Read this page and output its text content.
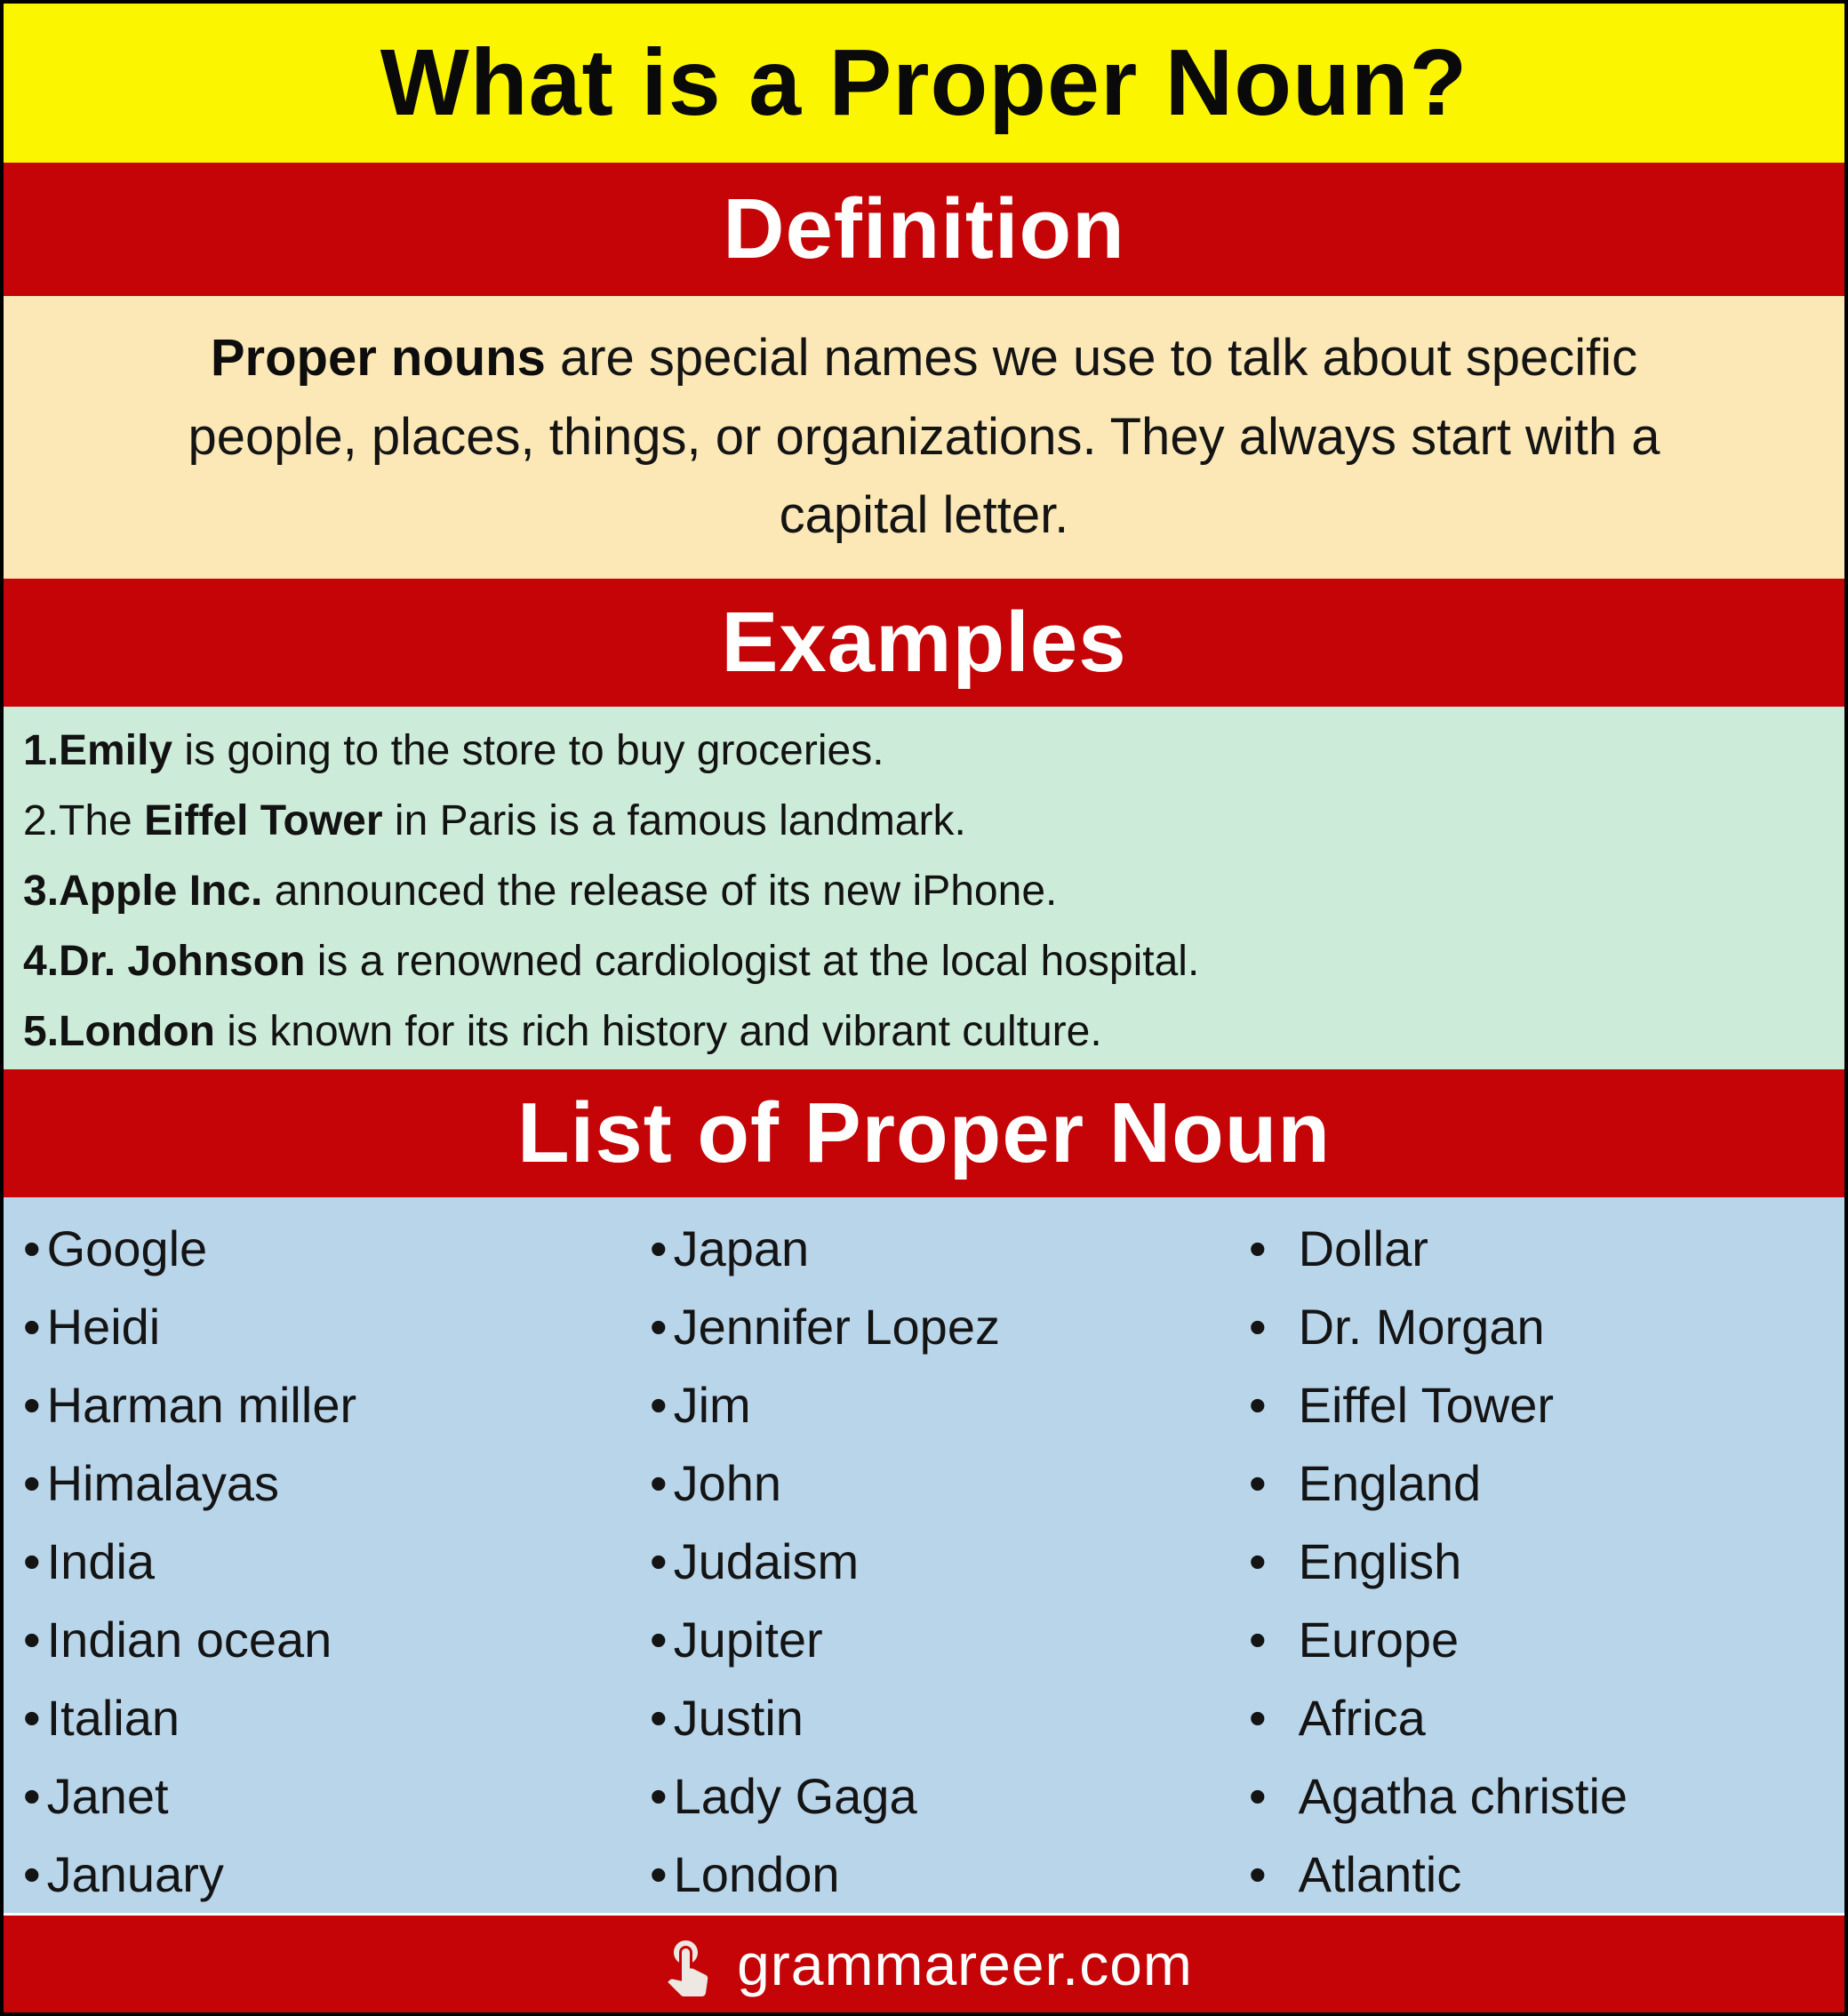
What is a Proper Noun?
Definition

Proper nouns are special names we use to talk about specific people, places, things, or organizations. They always start with a capital letter.

Examples

1.Emily is going to the store to buy groceries.

2.The Eiffel Tower in Paris is a famous landmark.

3.Apple Inc. announced the release of its new iPhone.

4.Dr. Johnson is a renowned cardiologist at the local hospital.

5.London is known for its rich history and vibrant culture.

List of Proper Noun
• Google
• Heidi
• Harman miller
• Himalayas
• India
• Indian ocean
• Italian
• Janet
• January
• Japan
• Jennifer Lopez
• Jim
• John
• Judaism
• Jupiter
• Justin
• Lady Gaga
• London
• Dollar
• Dr. Morgan
• Eiffel Tower
• England
• English
• Europe
• Africa
• Agatha christie
• Atlantic
grammareer.com
